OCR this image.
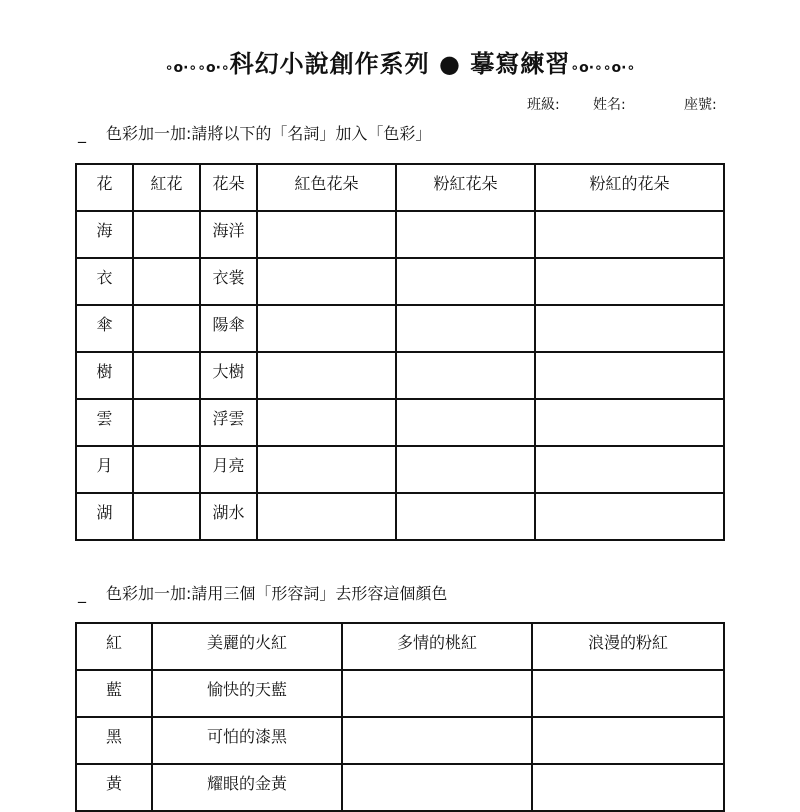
∘o·∘∘o·∘科幻小說創作系列 ● 摹寫練習∘o·∘∘o·∘
班級: 姓名:	座號:
_ 色彩加一加:請將以下的「名詞」加入「色彩」
花	紅花	花朵	紅色花朵	粉紅花朵	粉紅的花朵
海		海洋			
衣		衣裳			
傘		陽傘			
樹		大樹			
雲		浮雲			
月		月亮			
湖		湖水			
_ 色彩加一加:請用三個「形容詞」去形容這個顏色
紅	美麗的火紅	多情的桃紅	浪漫的粉紅
藍	愉快的天藍		
黑	可怕的漆黑		
黃	耀眼的金黃		
